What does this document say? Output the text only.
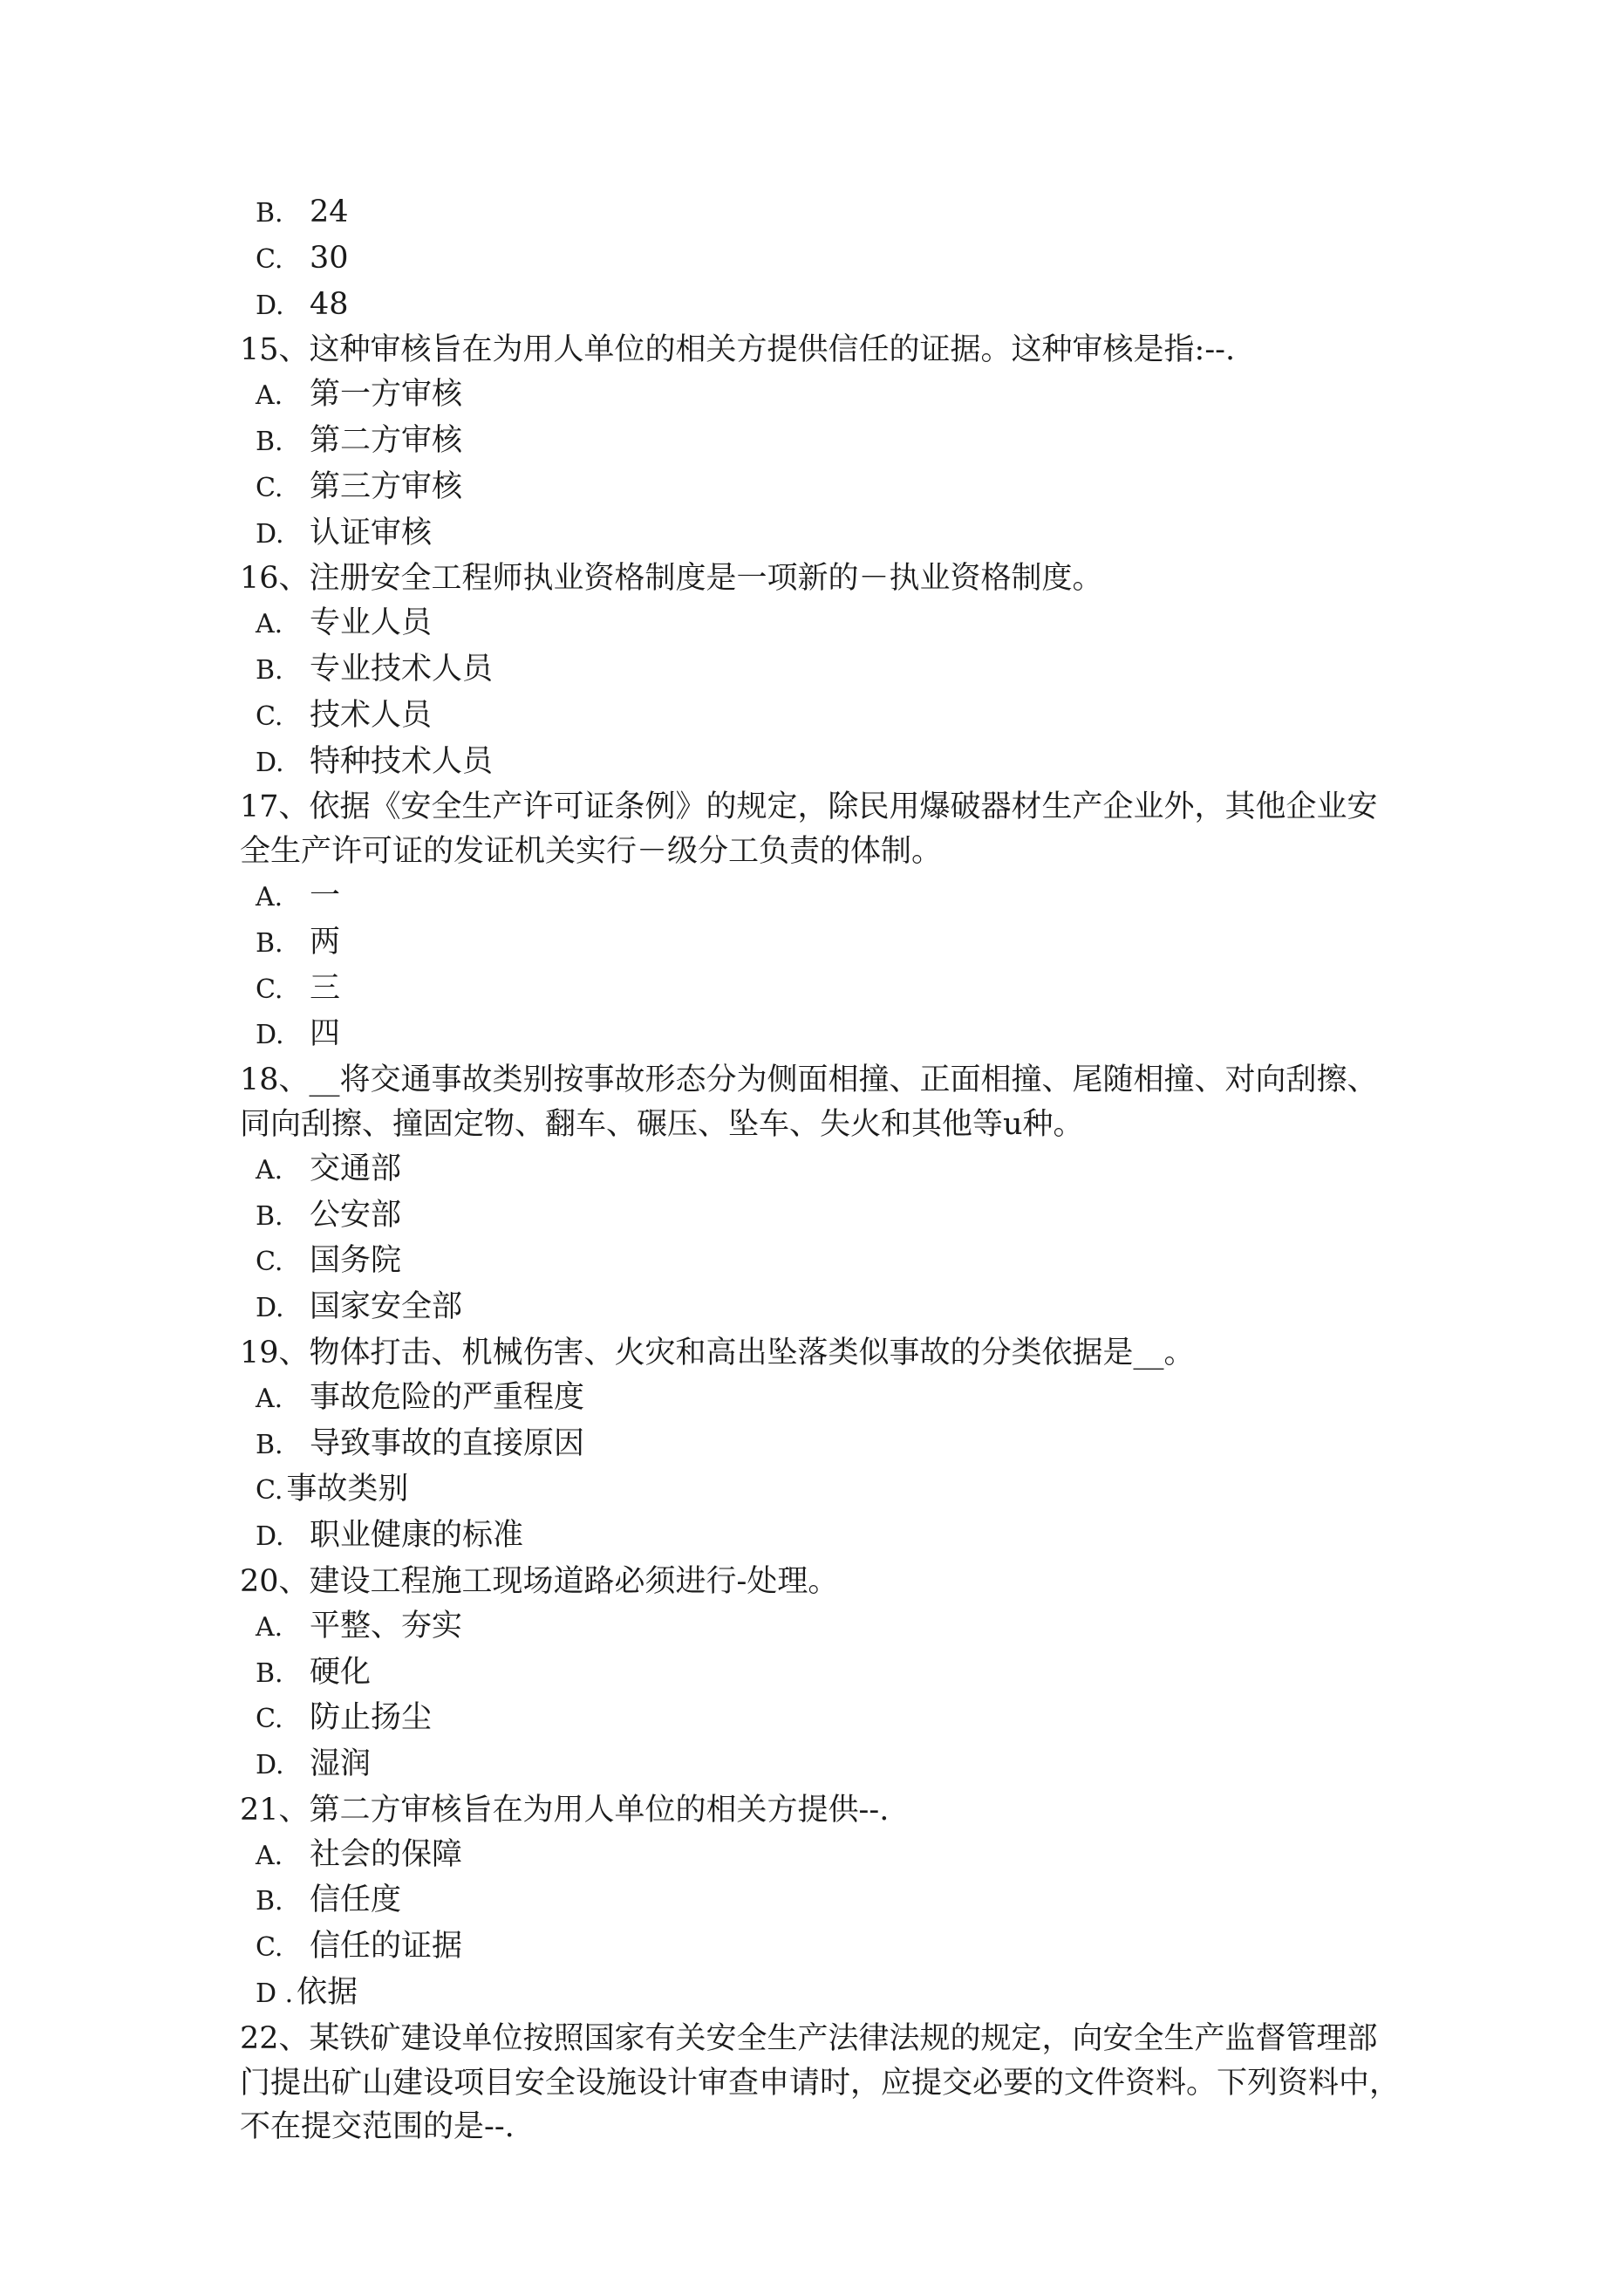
B. 24
C. 30
D. 48

15、这种审核旨在为用人单位的相关方提供信任的证据。这种审核是指:--.

A. 第一方审核
B. 第二方审核
C. 第三方审核
D. 认证审核

16、注册安全工程师执业资格制度是一项新的－执业资格制度。

A. 专业人员
B. 专业技术人员
C. 技术人员
D. 特种技术人员

17、依据《安全生产许可证条例》的规定，除民用爆破器材生产企业外，其他企业安全生产许可证的发证机关实行－级分工负责的体制。

A. 一
B. 两
C. 三
D. 四

18、__将交通事故类别按事故形态分为侧面相撞、正面相撞、尾随相撞、对向刮擦、同向刮擦、撞固定物、翻车、碾压、坠车、失火和其他等u种。

A. 交通部
B. 公安部
C. 国务院
D. 国家安全部

19、物体打击、机械伤害、火灾和高出坠落类似事故的分类依据是__。

A. 事故危险的严重程度
B. 导致事故的直接原因
C. 事故类别
D. 职业健康的标准

20、建设工程施工现场道路必须进行-处理。

A. 平整、夯实
B. 硬化
C. 防止扬尘
D. 湿润

21、第二方审核旨在为用人单位的相关方提供--.

A. 社会的保障
B. 信任度
C. 信任的证据
D . 依据

22、某铁矿建设单位按照国家有关安全生产法律法规的规定，向安全生产监督管理部门提出矿山建设项目安全设施设计审查申请时，应提交必要的文件资料。下列资料中，不在提交范围的是--.
